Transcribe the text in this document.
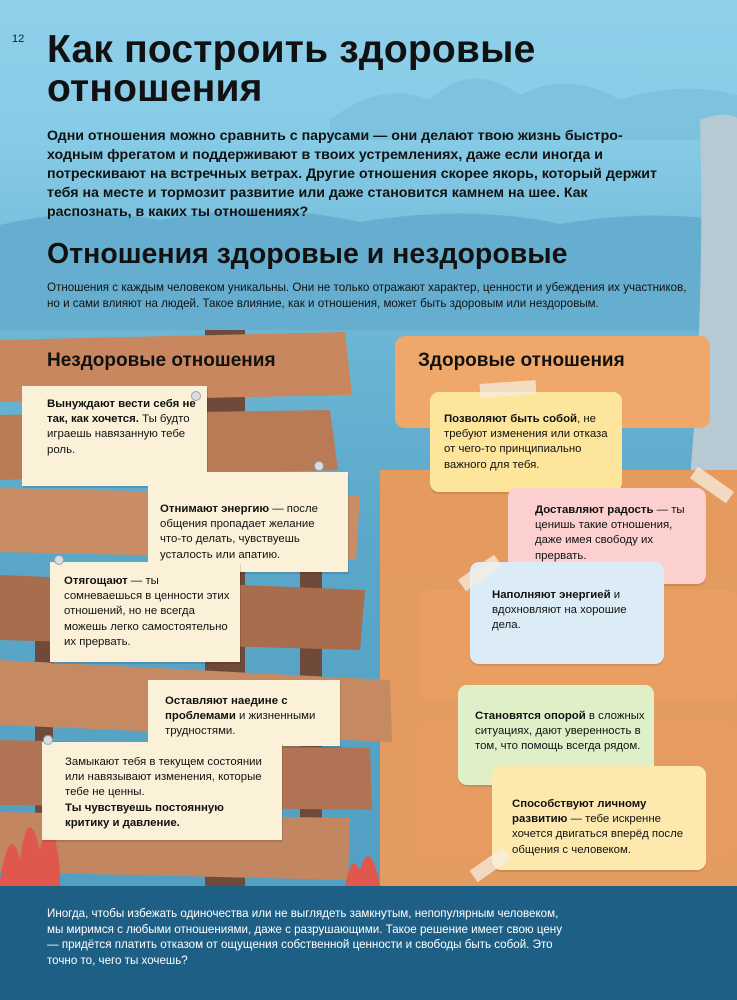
12 Как построить здоровые отношения

Одни отношения можно сравнить с парусами — они делают твою жизнь быстро-ходным фрегатом и поддерживают в твоих устремлениях, даже если иногда и потрескивают на встречных ветрах. Другие отношения скорее якорь, который держит тебя на месте и тормозит развитие или даже становится камнем на шее. Как распознать, в каких ты отношениях?

Отношения здоровые и нездоровые

Отношения с каждым человеком уникальны. Они не только отражают характер, ценности и убеждения их участников, но и сами влияют на людей. Такое влияние, как и отношения, может быть здоровым или нездоровым.

Нездоровые отношения
Вынуждают вести себя не так, как хочется. Ты будто играешь навязанную тебе роль.
Отнимают энергию — после общения пропадает желание что-то делать, чувствуешь усталость или апатию.
Отягощают — ты сомневаешься в ценности этих отношений, но не всегда можешь легко самостоятельно их прервать.
Оставляют наедине с проблемами и жизненными трудностями.
Замыкают тебя в текущем состоянии или навязывают изменения, которые тебе не ценны.
Ты чувствуешь постоянную критику и давление.
Здоровые отношения
Позволяют быть собой, не требуют изменения или отказа от чего-то принципиально важного для тебя.
Доставляют радость — ты ценишь такие отношения, даже имея свободу их прервать.
Наполняют энергией и вдохновляют на хорошие дела.
Становятся опорой в сложных ситуациях, дают уверенность в том, что помощь всегда рядом.
Способствуют личному развитию — тебе искренне хочется двигаться вперёд после общения с человеком.

Иногда, чтобы избежать одиночества или не выглядеть замкнутым, непопулярным человеком, мы миримся с любыми отношениями, даже с разрушающими. Такое решение имеет свою цену — придётся платить отказом от ощущения собственной ценности и свободы быть собой. Это точно то, чего ты хочешь?
